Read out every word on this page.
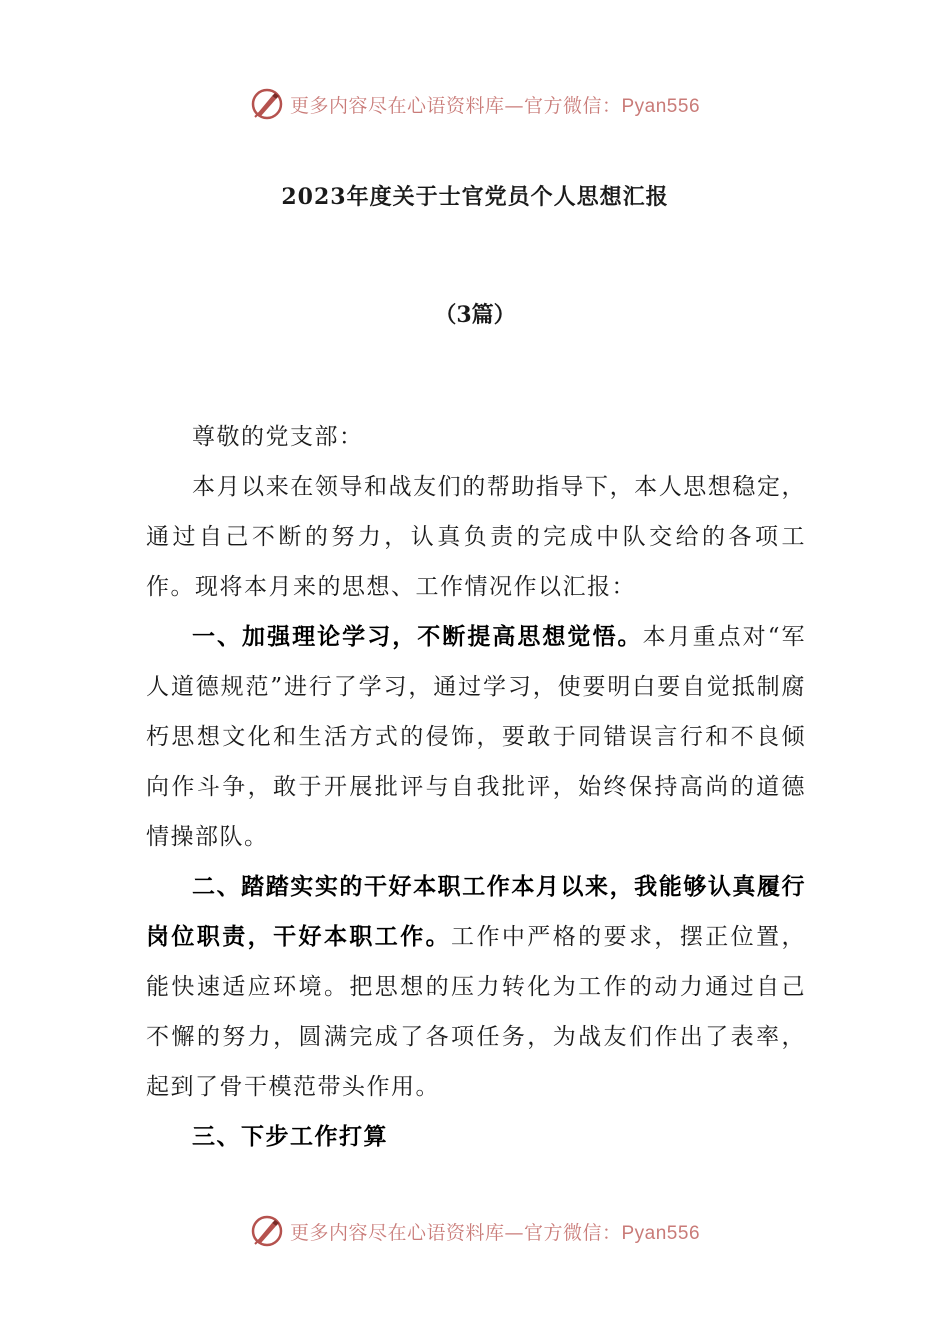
更多内容尽在心语资料库—官方微信：Pyan556
2023年度关于士官党员个人思想汇报
（3篇）

尊敬的党支部：

本月以来在领导和战友们的帮助指导下，本人思想稳定，通过自己不断的努力，认真负责的完成中队交给的各项工作。现将本月来的思想、工作情况作以汇报：

一、加强理论学习，不断提高思想觉悟。本月重点对“军人道德规范”进行了学习，通过学习，使要明白要自觉抵制腐朽思想文化和生活方式的侵饰，要敢于同错误言行和不良倾向作斗争，敢于开展批评与自我批评，始终保持高尚的道德情操部队。

二、踏踏实实的干好本职工作本月以来，我能够认真履行岗位职责，干好本职工作。工作中严格的要求，摆正位置，能快速适应环境。把思想的压力转化为工作的动力通过自己不懈的努力，圆满完成了各项任务，为战友们作出了表率，起到了骨干模范带头作用。

三、下步工作打算

更多内容尽在心语资料库—官方微信：Pyan556
